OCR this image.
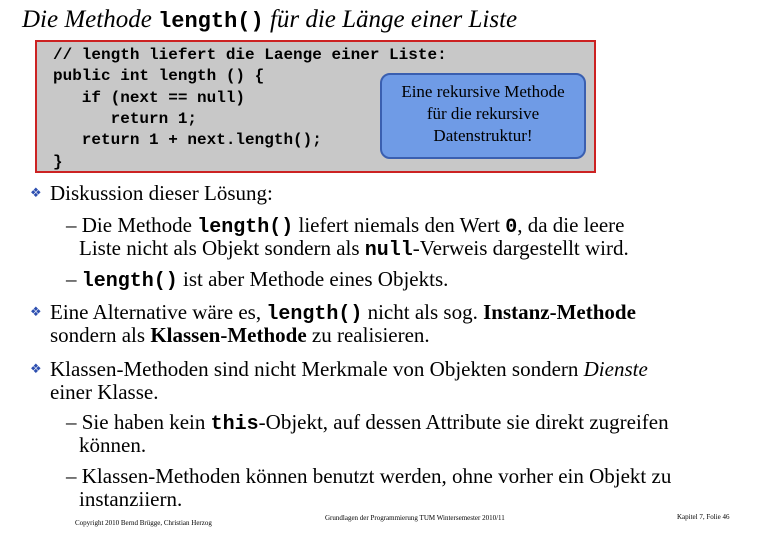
Die Methode length() für die Länge einer Liste
// length liefert die Laenge einer Liste:
public int length () {
if (next == null)
return 1;
return 1 + next.length();
}
Eine rekursive Methode
für die rekursive
Datenstruktur!
❖ Diskussion dieser Lösung:
– Die Methode length() liefert niemals den Wert 0, da die leere
Liste nicht als Objekt sondern als null-Verweis dargestellt wird.
– length() ist aber Methode eines Objekts.
❖ Eine Alternative wäre es, length() nicht als sog. Instanz-Methode
sondern als Klassen-Methode zu realisieren.
❖ Klassen-Methoden sind nicht Merkmale von Objekten sondern Dienste
einer Klasse.
– Sie haben kein this-Objekt, auf dessen Attribute sie direkt zugreifen
können.
– Klassen-Methoden können benutzt werden, ohne vorher ein Objekt zu
instanziiern.
Copyright 2010 Bernd Brügge, Christian Herzog
Grundlagen der Programmierung TUM Wintersemester 2010/11	Kapitel 7, Folie 46
